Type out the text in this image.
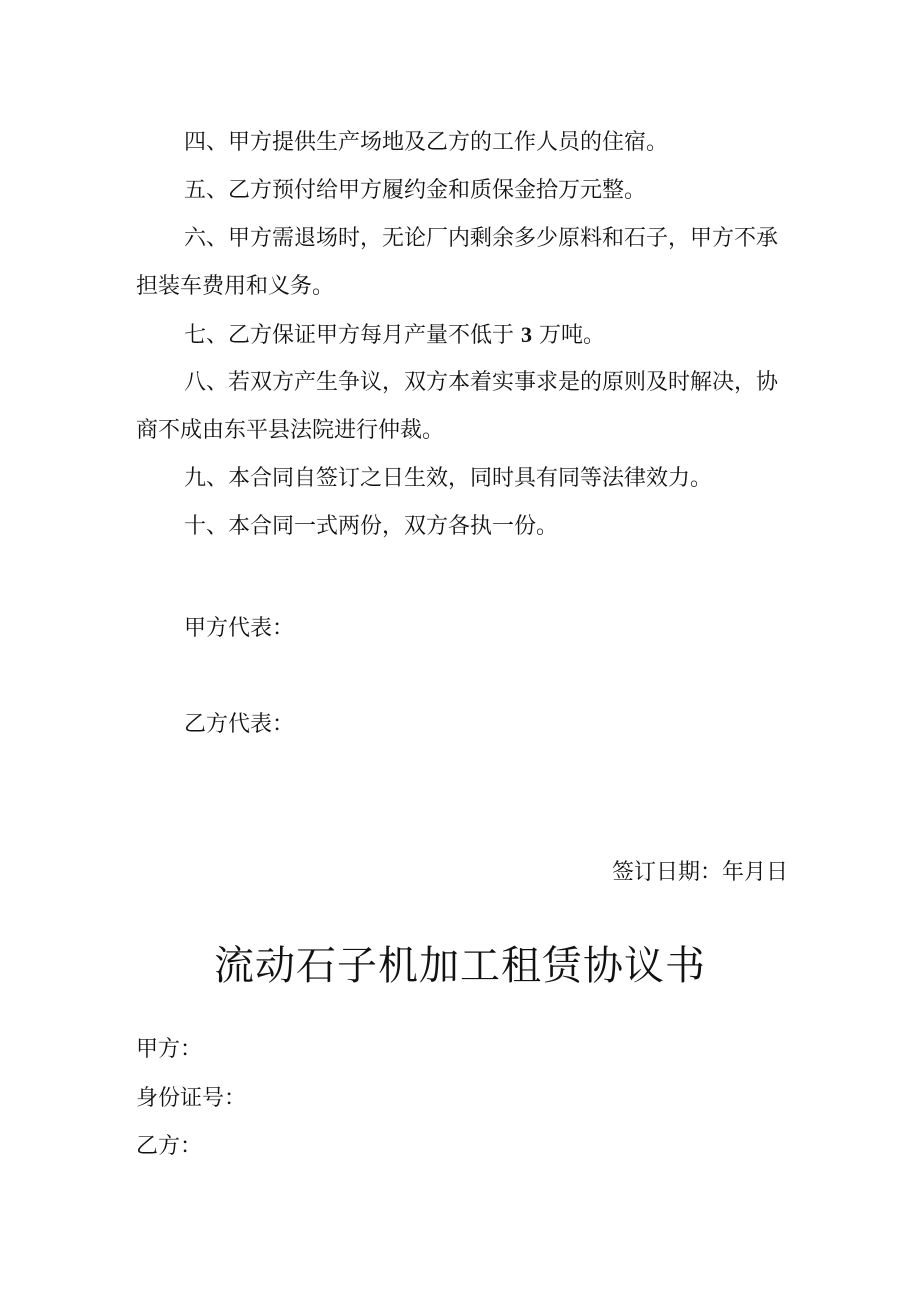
四、甲方提供生产场地及乙方的工作人员的住宿。
五、乙方预付给甲方履约金和质保金拾万元整。
六、甲方需退场时，无论厂内剩余多少原料和石子，甲方不承担装车费用和义务。
七、乙方保证甲方每月产量不低于 3 万吨。
八、若双方产生争议，双方本着实事求是的原则及时解决，协商不成由东平县法院进行仲裁。
九、本合同自签订之日生效，同时具有同等法律效力。
十、本合同一式两份，双方各执一份。
甲方代表：
乙方代表：
签订日期：年月日
流动石子机加工租赁协议书
甲方：
身份证号：
乙方：
